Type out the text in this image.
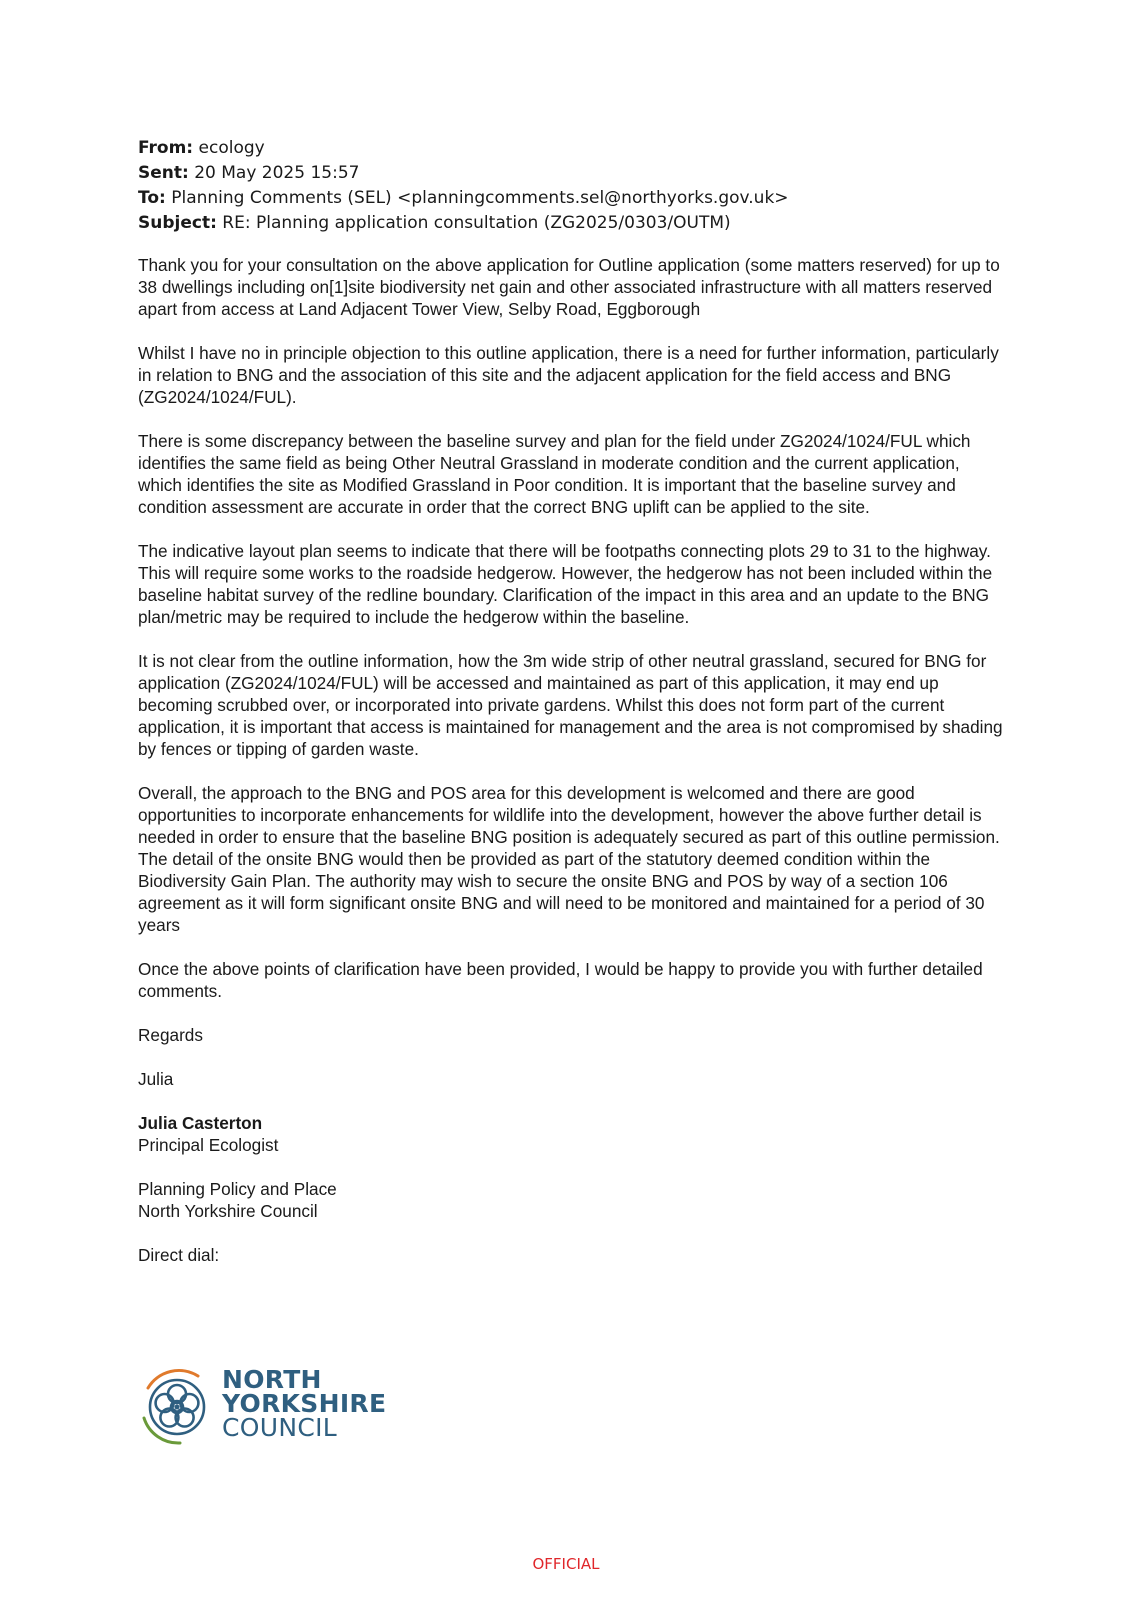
From: ecology
Sent: 20 May 2025 15:57
To: Planning Comments (SEL) <planningcomments.sel@northyorks.gov.uk>
Subject: RE: Planning application consultation (ZG2025/0303/OUTM)

Thank you for your consultation on the above application for Outline application (some matters reserved) for up to 38 dwellings including on[1]site biodiversity net gain and other associated infrastructure with all matters reserved apart from access at Land Adjacent Tower View, Selby Road, Eggborough

Whilst I have no in principle objection to this outline application, there is a need for further information, particularly in relation to BNG and the association of this site and the adjacent application for the field access and BNG (ZG2024/1024/FUL).

There is some discrepancy between the baseline survey and plan for the field under ZG2024/1024/FUL which identifies the same field as being Other Neutral Grassland in moderate condition and the current application, which identifies the site as Modified Grassland in Poor condition. It is important that the baseline survey and condition assessment are accurate in order that the correct BNG uplift can be applied to the site.

The indicative layout plan seems to indicate that there will be footpaths connecting plots 29 to 31 to the highway. This will require some works to the roadside hedgerow. However, the hedgerow has not been included within the baseline habitat survey of the redline boundary. Clarification of the impact in this area and an update to the BNG plan/metric may be required to include the hedgerow within the baseline.

It is not clear from the outline information, how the 3m wide strip of other neutral grassland, secured for BNG for application (ZG2024/1024/FUL) will be accessed and maintained as part of this application, it may end up becoming scrubbed over, or incorporated into private gardens. Whilst this does not form part of the current application, it is important that access is maintained for management and the area is not compromised by shading by fences or tipping of garden waste.

Overall, the approach to the BNG and POS area for this development is welcomed and there are good opportunities to incorporate enhancements for wildlife into the development, however the above further detail is needed in order to ensure that the baseline BNG position is adequately secured as part of this outline permission. The detail of the onsite BNG would then be provided as part of the statutory deemed condition within the Biodiversity Gain Plan. The authority may wish to secure the onsite BNG and POS by way of a section 106 agreement as it will form significant onsite BNG and will need to be monitored and maintained for a period of 30 years

Once the above points of clarification have been provided, I would be happy to provide you with further detailed comments.

Regards

Julia

Julia Casterton
Principal Ecologist

Planning Policy and Place
North Yorkshire Council

Direct dial:

NORTH
YORKSHIRE
COUNCIL
OFFICIAL
